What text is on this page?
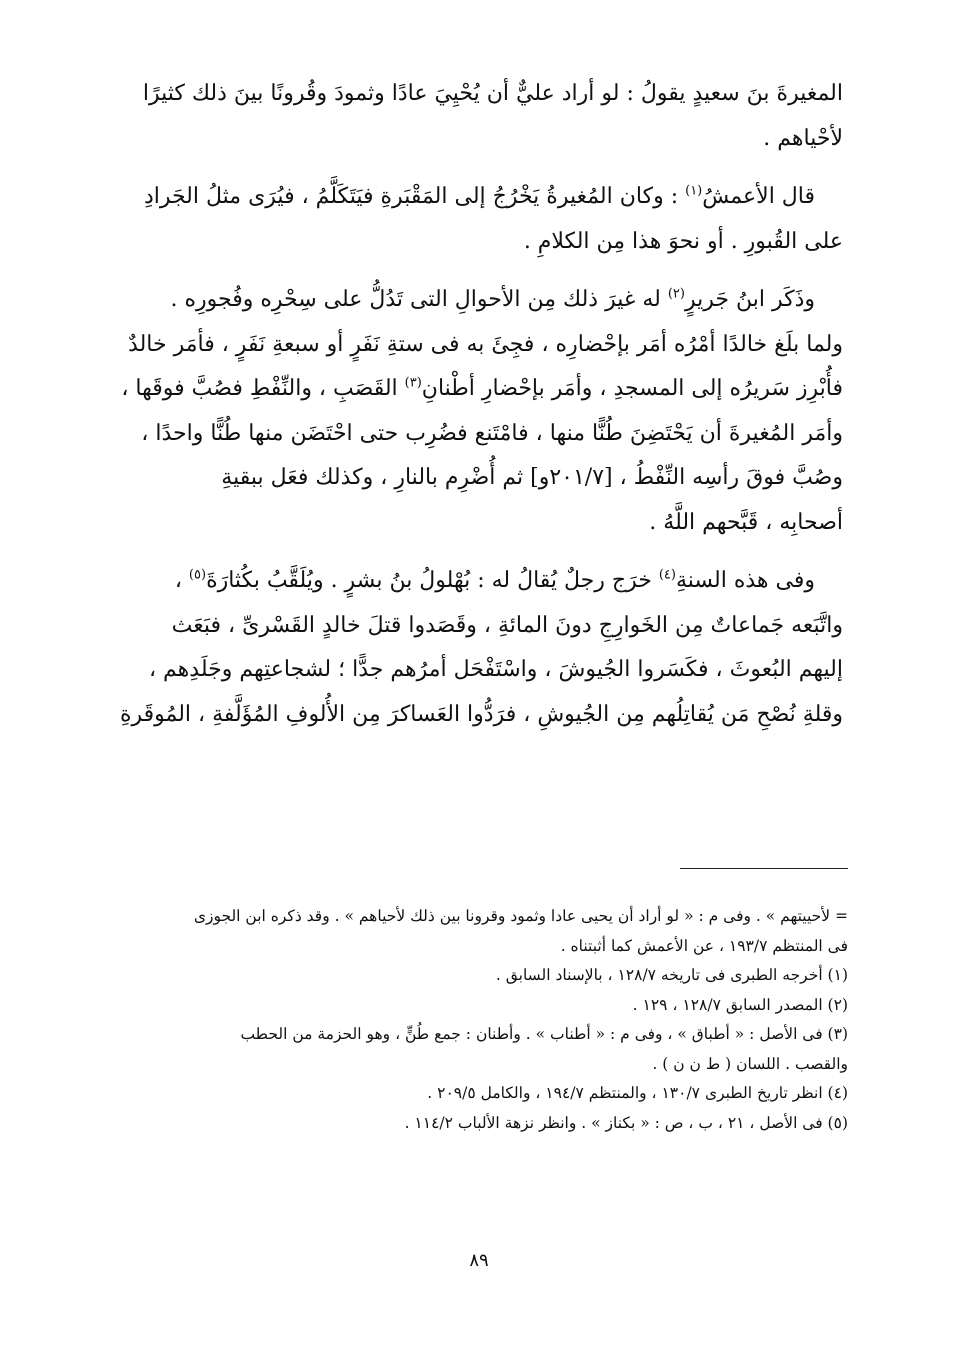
المغيرةَ بنَ سعيدٍ يقولُ : لو أراد عليٌّ أن يُحْيِيَ عادًا وثمودَ وقُرونًا بينَ ذلك كثيرًا
لأحْياهم .

قال الأعمشُ$^{(١)}$ : وكان المُغيرةُ يَخْرُجُ إلى المَقْبَرةِ فيَتَكَلَّمُ ، فيُرَى مثلُ الجَرادِ
على القُبورِ . أو نحوَ هذا مِن الكلامِ .

وذَكَر ابنُ جَريرٍ$^{(٢)}$ له غيرَ ذلك مِن الأحوالِ التى تَدُلُّ على سِحْرِه وفُجورِه .
ولما بلَغ خالدًا أمْرُه أمَر بإحْضارِه ، فجِئَ به فى ستةِ نَفَرٍ أو سبعةِ نَفَرٍ ، فأمَر خالدٌ
فأُبْرِز سَريرُه إلى المسجدِ ، وأمَر بإحْضارِ أطْنانِ$^{(٣)}$ القَصَبِ ، والنِّفْطِ فصُبَّ فوقَها ،
وأمَر المُغيرةَ أن يَحْتَضِنَ طُنًّا منها ، فامْتَنع فضُرِب حتى احْتَضَن منها طُنًّا واحدًا ،
وصُبَّ فوقَ رأسِه النِّفْطُ ، [٢٠١/٧و] ثم أُضْرِم بالنارِ ، وكذلك فعَل ببقيةِ
أصحابِه ، قَبَّحهم اللَّهُ .

وفى هذه السنةِ$^{(٤)}$ خرَج رجلٌ يُقالُ له : بُهْلولُ بنُ بشرٍ . ويُلَقَّبُ بكُثارَةَ$^{(٥)}$ ،
واتَّبَعه جَماعاتٌ مِن الخَوارِجِ دونَ المائةِ ، وقَصَدوا قتلَ خالدٍ القَسْرىِّ ، فبَعَث
إليهم البُعوثَ ، فكَسَروا الجُيوشَ ، واسْتَفْحَل أمرُهم جدًّا ؛ لشجاعتِهم وجَلَدِهم ،
وقلةِ نُصْحِ مَن يُقاتِلُهم مِن الجُيوشِ ، فرَدُّوا العَساكرَ مِن الأُلوفِ المُؤَلَّفةِ ، المُوقَرةِ

= لأحييتهم » . وفى م : « لو أراد أن يحيى عادا وثمود وقرونا بين ذلك لأحياهم » . وقد ذكره ابن الجوزى
فى المنتظم ١٩٣/٧ ، عن الأعمش كما أثبتناه .
(١) أخرجه الطبرى فى تاريخه ١٢٨/٧ ، بالإسناد السابق .
(٢) المصدر السابق ١٢٨/٧ ، ١٢٩ .
(٣) فى الأصل : « أطباق » ، وفى م : « أطناب » . وأطنان : جمع طُنٍّ ، وهو الحزمة من الحطب
والقصب . اللسان ( ط ن ن ) .
(٤) انظر تاريخ الطبرى ١٣٠/٧ ، والمنتظم ١٩٤/٧ ، والكامل ٢٠٩/٥ .
(٥) فى الأصل ، ٢١ ، ب ، ص : « بكناز » . وانظر نزهة الألباب ١١٤/٢ .
٨٩
